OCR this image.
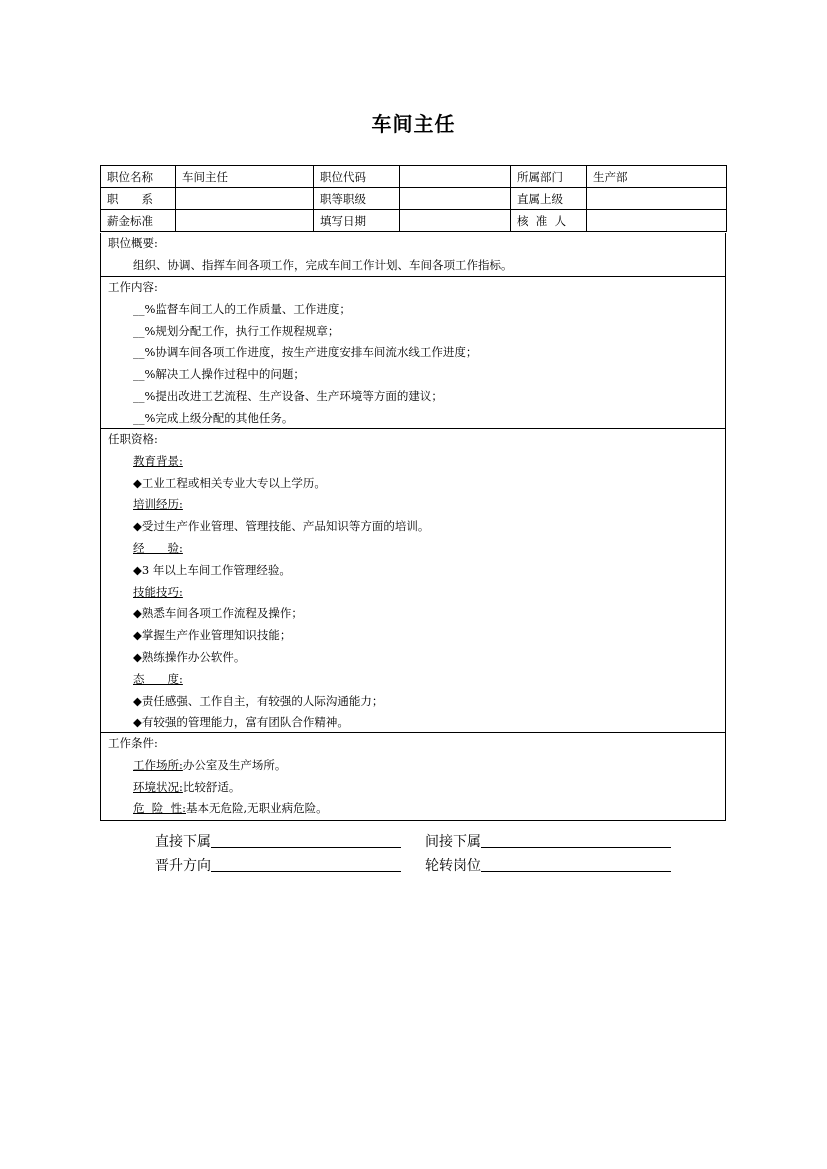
车间主任
职位名称	车间主任	职位代码		所属部门	生产部
职　　系		职等职级		直属上级	
薪金标准		填写日期		核  准  人	
职位概要:
组织、协调、指挥车间各项工作，完成车间工作计划、车间各项工作指标。
工作内容:
__%监督车间工人的工作质量、工作进度；
__%规划分配工作，执行工作规程规章；
__%协调车间各项工作进度，按生产进度安排车间流水线工作进度；
__%解决工人操作过程中的问题；
__%提出改进工艺流程、生产设备、生产环境等方面的建议；
__%完成上级分配的其他任务。
任职资格:
教育背景:
◆工业工程或相关专业大专以上学历。
培训经历:
◆受过生产作业管理、管理技能、产品知识等方面的培训。
经　　验:
◆3 年以上车间工作管理经验。
技能技巧:
◆熟悉车间各项工作流程及操作；
◆掌握生产作业管理知识技能；
◆熟练操作办公软件。
态　　度:
◆责任感强、工作自主，有较强的人际沟通能力；
◆有较强的管理能力，富有团队合作精神。
工作条件:
工作场所:办公室及生产场所。
环境状况:比较舒适。
危  险  性:基本无危险,无职业病危险。
直接下属	间接下属
晋升方向	轮转岗位
